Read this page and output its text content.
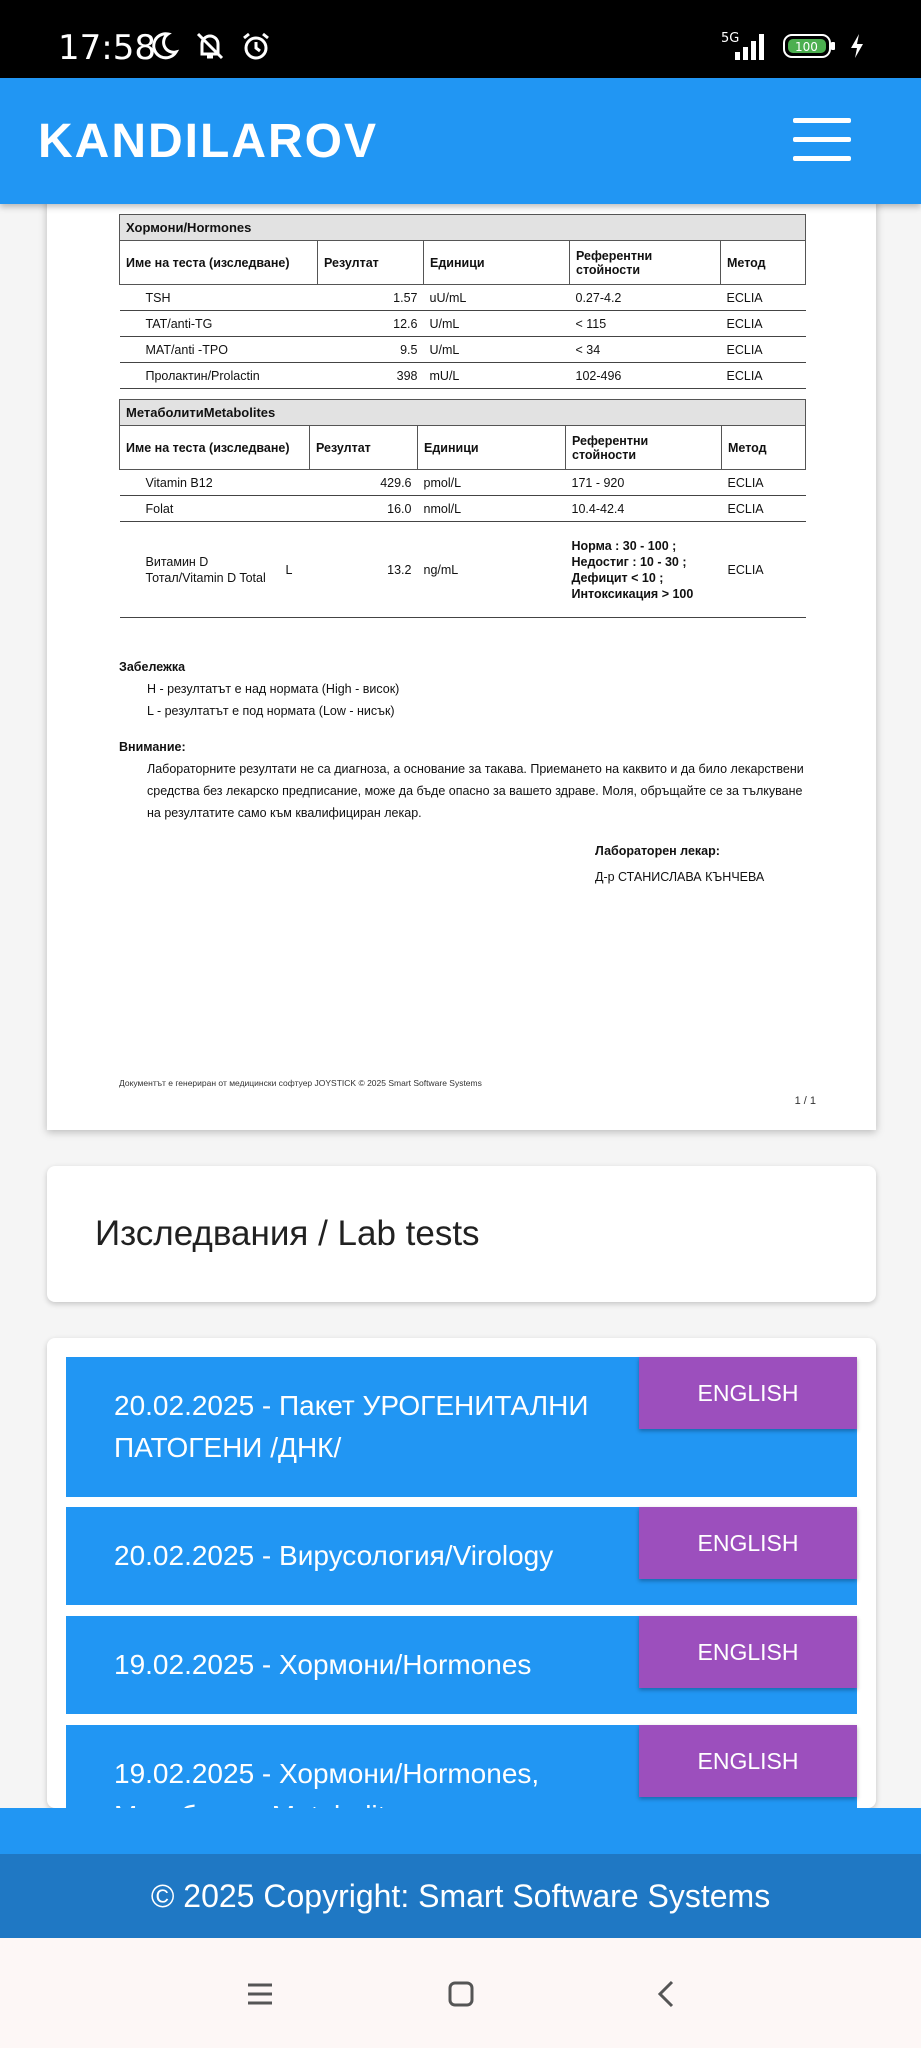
17:58	5G
100
KANDILAROV
Хормони/Hormones				
Име на теста (изследване)	Резултат	Единици	Референтни стойности	Метод
TSH	1.57	uU/mL	0.27-4.2	ECLIA
TAT/anti-TG	12.6	U/mL	< 115	ECLIA
MAT/anti -TPO	9.5	U/mL	< 34	ECLIA
Пролактин/Prolactin	398	mU/L	102-496	ECLIA
МетаболитиMetabolites					
Име на теста (изследване)		Резултат	Единици	Референтни стойности	Метод
Vitamin B12		429.6	pmol/L	171 - 920	ECLIA
Folat		16.0	nmol/L	10.4-42.4	ECLIA
Витамин D Тотал/Vitamin D Total	L	13.2	ng/mL	Норма : 30 - 100 ; Недостиг : 10 - 30 ; Дефицит < 10 ; Интоксикация > 100	ECLIA
Забележка
H - резултатът е над нормата (High - висок)
L - резултатът е под нормата (Low - нисък)
Внимание:
Лабораторните резултати не са диагноза, а основание за такава. Приемането на каквито и да било лекарствени средства без лекарско предписание, може да бъде опасно за вашето здраве. Моля, обръщайте се за тълкуване на резултатите само към квалифициран лекар.
Лабораторен лекар:
Д-р СТАНИСЛАВА КЪНЧЕВА
Документът е генериран от медицински софтуер JOYSTICK © 2025 Smart Software Systems
1 / 1
Изследвания / Lab tests
20.02.2025 - Пакет УРОГЕНИТАЛНИ ПАТОГЕНИ /ДНК/
ENGLISH
20.02.2025 - Вирусология/Virology	ENGLISH
19.02.2025 - Хормони/Hormones	ENGLISH
19.02.2025 - Хормони/Hormones,	ENGLISH
© 2025 Copyright: Smart Software Systems
